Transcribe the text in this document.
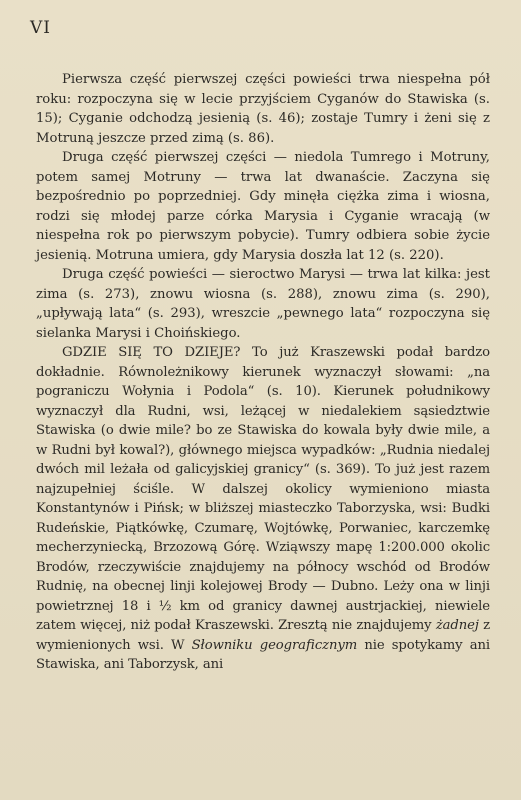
VI

Pierwsza część pierwszej części powieści trwa niespełna pół roku: rozpoczyna się w lecie przyjściem Cyganów do Stawiska (s. 15); Cyganie odchodzą jesienią (s. 46); zostaje Tumry i żeni się z Motruną jeszcze przed zimą (s. 86).

Druga część pierwszej części — niedola Tumrego i Motruny, potem samej Motruny — trwa lat dwanaście. Zaczyna się bezpośrednio po poprzedniej. Gdy minęła ciężka zima i wiosna, rodzi się młodej parze córka Marysia i Cyganie wracają (w niespełna rok po pierwszym pobycie). Tumry odbiera sobie życie jesienią. Motruna umiera, gdy Marysia doszła lat 12 (s. 220).

Druga część powieści — sieroctwo Marysi — trwa lat kilka: jest zima (s. 273), znowu wiosna (s. 288), znowu zima (s. 290), „upływają lata“ (s. 293), wreszcie „pewnego lata“ rozpoczyna się sielanka Marysi i Choińskiego.

GDZIE SIĘ TO DZIEJE? To już Kraszewski podał bardzo dokładnie. Równoleżnikowy kierunek wyznaczył słowami: „na pograniczu Wołynia i Podola“ (s. 10). Kierunek południkowy wyznaczył dla Rudni, wsi, leżącej w niedalekiem sąsiedztwie Stawiska (o dwie mile? bo ze Stawiska do kowala były dwie mile, a w Rudni był kowal?), głównego miejsca wypadków: „Rudnia niedalej dwóch mil leżała od galicyjskiej granicy“ (s. 369). To już jest razem najzupełniej ściśle. W dalszej okolicy wymieniono miasta Konstantynów i Pińsk; w bliższej miasteczko Taborzyska, wsi: Budki Rudeńskie, Piątkówkę, Czumarę, Wojtówkę, Porwaniec, karczemkę mecherzyniecką, Brzozową Górę. Wziąwszy mapę 1:200.000 okolic Brodów, rzeczywiście znajdujemy na północy wschód od Brodów Rudnię, na obecnej linji kolejowej Brody — Dubno. Leży ona w linji powietrznej 18 i ½ km od granicy dawnej austrjackiej, niewiele zatem więcej, niż podał Kraszewski. Zresztą nie znajdujemy żadnej z wymienionych wsi. W Słowniku geograficznym nie spotykamy ani Stawiska, ani Taborzysk, ani
